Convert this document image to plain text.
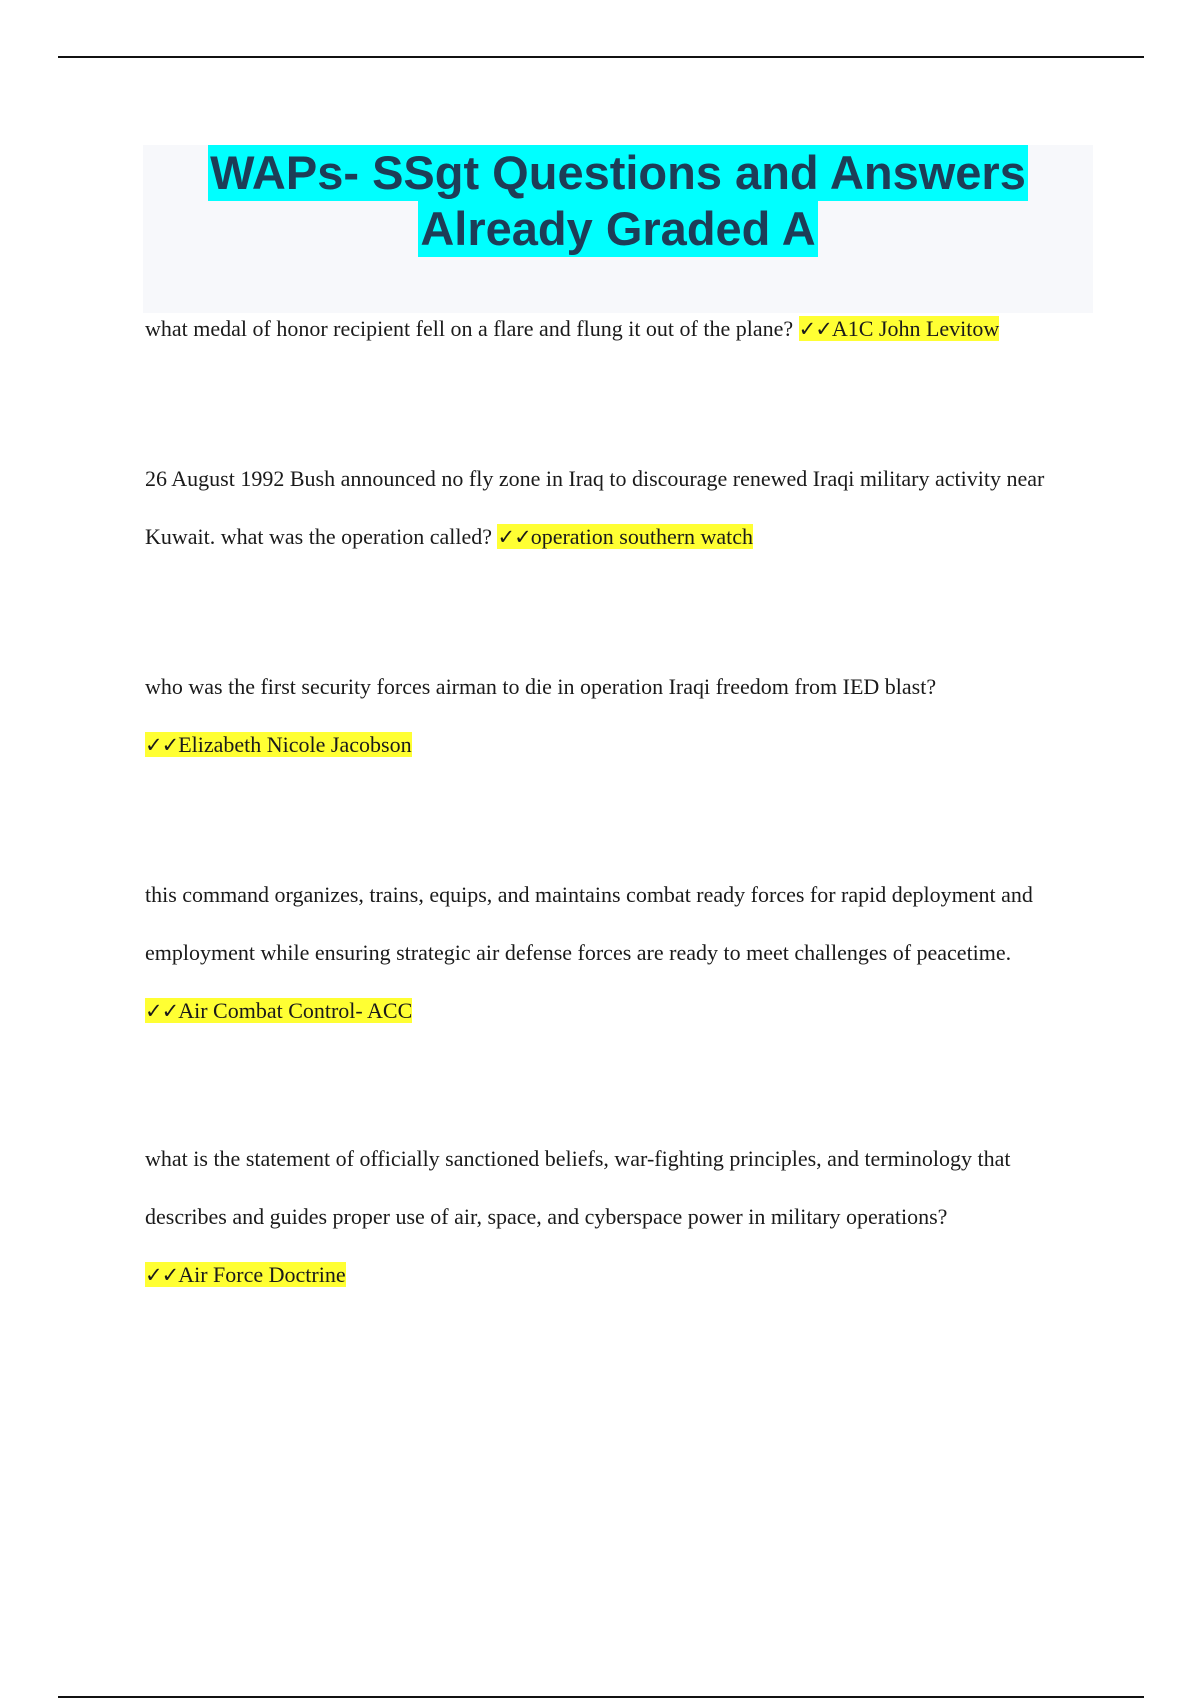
WAPs- SSgt Questions and Answers
Already Graded A
what medal of honor recipient fell on a flare and flung it out of the plane? ✓✓A1C John Levitow
26 August 1992 Bush announced no fly zone in Iraq to discourage renewed Iraqi military activity near Kuwait. what was the operation called? ✓✓operation southern watch
who was the first security forces airman to die in operation Iraqi freedom from IED blast?
✓✓Elizabeth Nicole Jacobson
this command organizes, trains, equips, and maintains combat ready forces for rapid deployment and employment while ensuring strategic air defense forces are ready to meet challenges of peacetime. ✓✓Air Combat Control- ACC
what is the statement of officially sanctioned beliefs, war-fighting principles, and terminology that describes and guides proper use of air, space, and cyberspace power in military operations?
✓✓Air Force Doctrine
